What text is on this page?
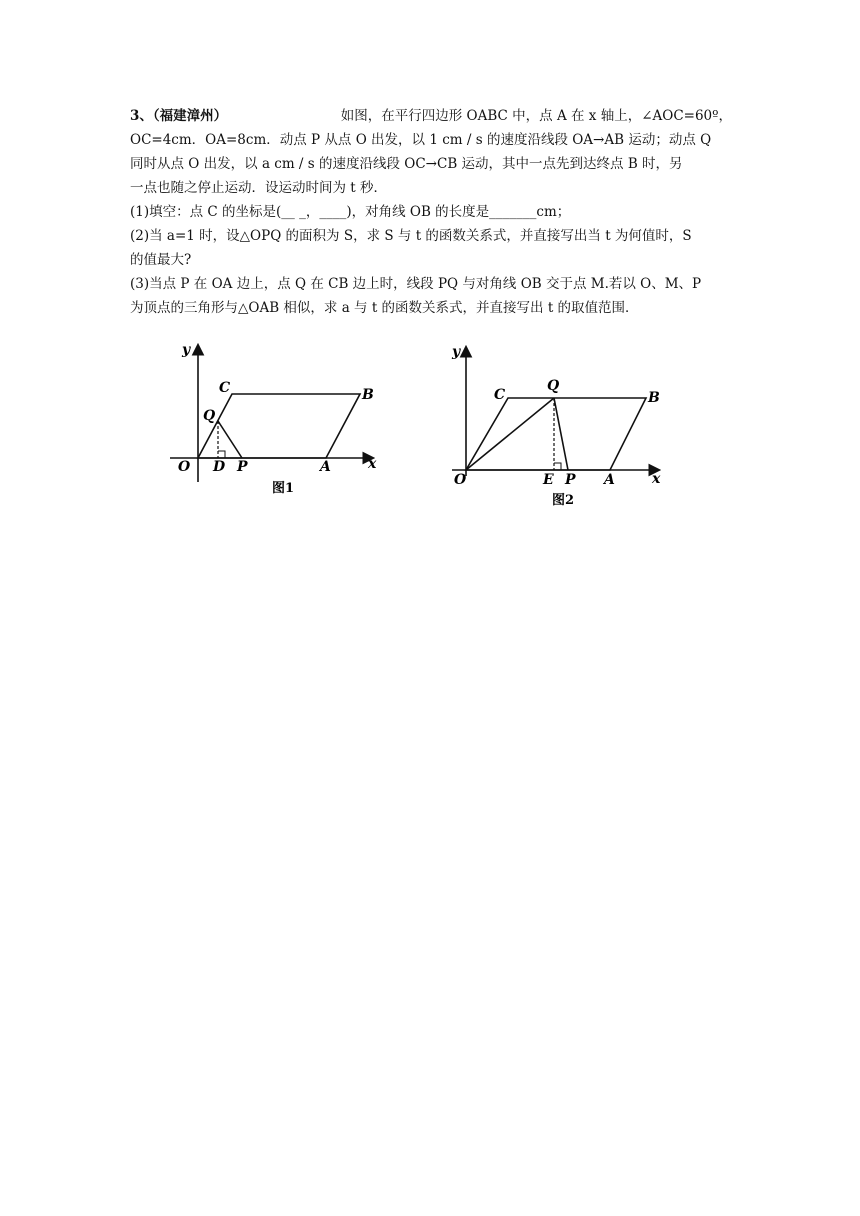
3、（福建漳州）	如图，在平行四边形 OABC 中，点 A 在 x 轴上，∠AOC=60º，
OC=4cm．OA=8cm．动点 P 从点 O 出发，以 1 cm / s 的速度沿线段 OA→AB 运动；动点 Q
同时从点 O 出发，以 a cm / s 的速度沿线段 OC→CB 运动，其中一点先到达终点 B 时，另
一点也随之停止运动．设运动时间为 t 秒．
(1)填空：点 C 的坐标是(__ _，____)，对角线 OB 的长度是_______cm；
(2)当 a=1 时，设△OPQ 的面积为 S，求 S 与 t 的函数关系式，并直接写出当 t 为何值时，S
的值最大?
(3)当点 P 在 OA 边上，点 Q 在 CB 边上时，线段 PQ 与对角线 OB 交于点 M.若以 O、M、P
为顶点的三角形与△OAB 相似，求 a 与 t 的函数关系式，并直接写出 t 的取值范围．
y
x
O
C	B
Q
D P	A
图1
y
x
O
C
Q
B
E P A
图2
